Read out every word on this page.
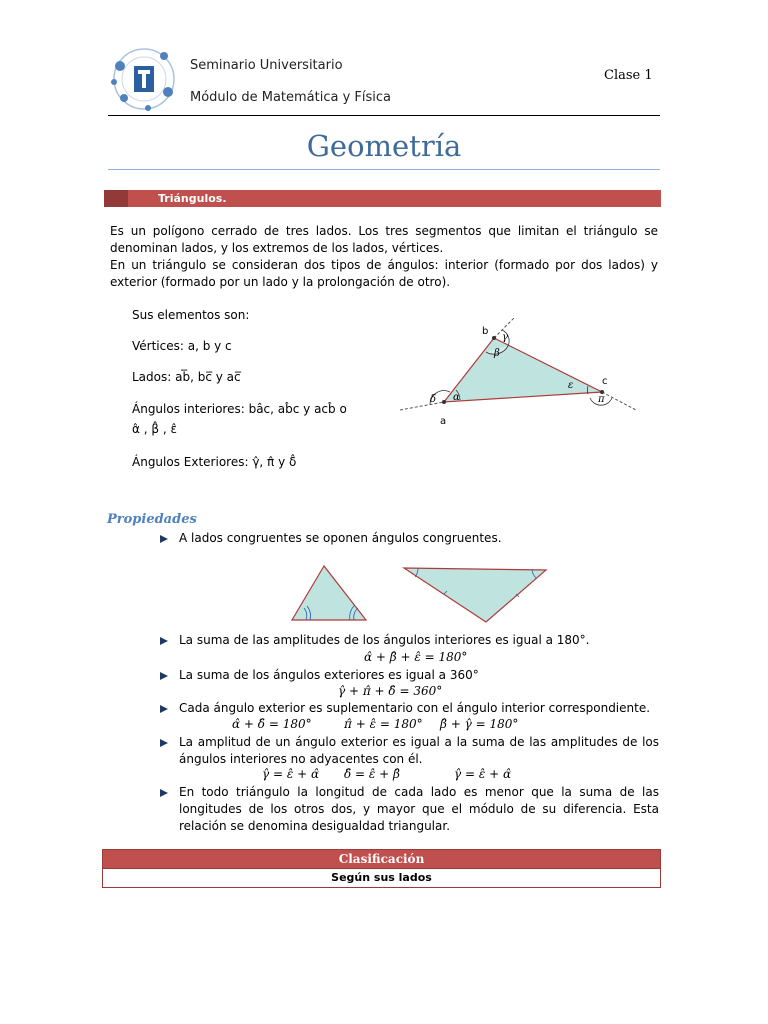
Seminario Universitario
Módulo de Matemática y Física
Clase 1
Geometría
Triángulos.
Es un polígono cerrado de tres lados. Los tres segmentos que limitan el triángulo se denominan lados, y los extremos de los lados, vértices.
En un triángulo se consideran dos tipos de ángulos: interior (formado por dos lados) y exterior (formado por un lado y la prolongación de otro).
Sus elementos son:
Vértices: a, b y c
Lados: ab̅, bc̅ y ac̅
Ángulos interiores: bâc, ab̂c y acb̂ o
α̂ , β̂ , ε̂
Ángulos Exteriores: γ̂, π̂ y δ̂
b
c
a
γ
β
ε
π
δ α
Propiedades
A lados congruentes se oponen ángulos congruentes.
La suma de las amplitudes de los ángulos interiores es igual a 180°.
α̂ + β̂ + ε̂ = 180°
La suma de los ángulos exteriores es igual a 360°
γ̂ + π̂ + δ̂ = 360°
Cada ángulo exterior es suplementario con el ángulo interior correspondiente.
α̂ + δ̂ = 180°	π̂ + ε̂ = 180° β̂ + γ̂ = 180°
La amplitud de un ángulo exterior es igual a la suma de las amplitudes de los ángulos interiores no adyacentes con él.
γ̂ = ε̂ + α̂ δ̂ = ε̂ + β̂	γ̂ = ε̂ + α̂
En todo triángulo la longitud de cada lado es menor que la suma de las longitudes de los otros dos, y mayor que el módulo de su diferencia. Esta relación se denomina desigualdad triangular.
Clasificación
Según sus lados
